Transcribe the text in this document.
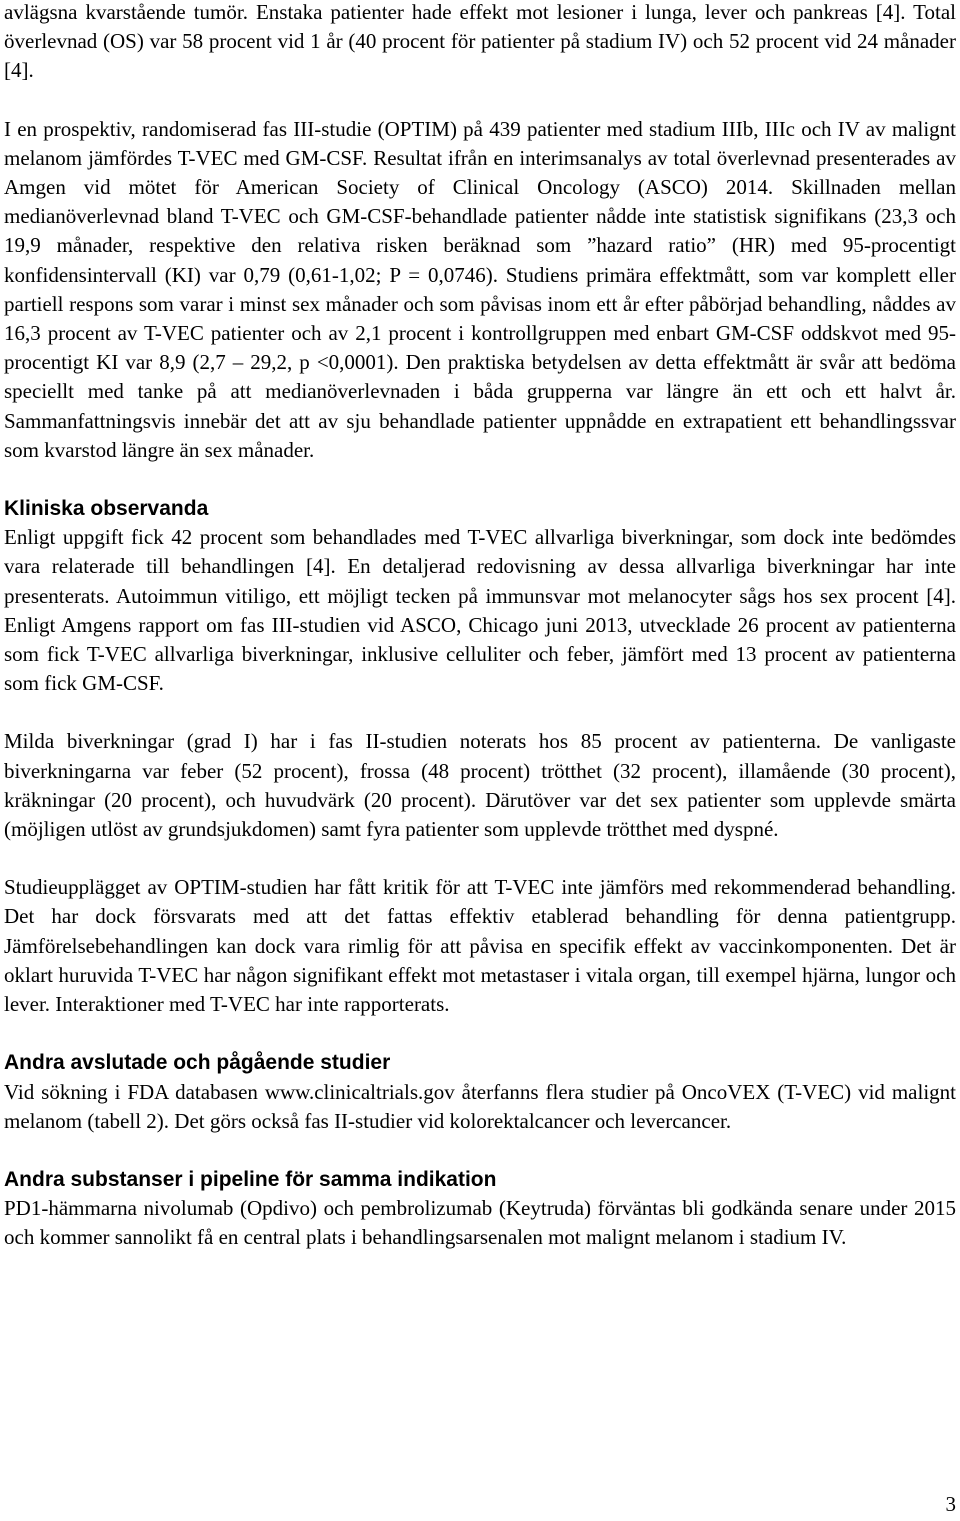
avlägsna kvarstående tumör. Enstaka patienter hade effekt mot lesioner i lunga, lever och pankreas [4]. Total överlevnad (OS) var 58 procent vid 1 år (40 procent för patienter på stadium IV) och 52 procent vid 24 månader [4].

I en prospektiv, randomiserad fas III-studie (OPTIM) på 439 patienter med stadium IIIb, IIIc och IV av malignt melanom jämfördes T-VEC med GM-CSF. Resultat ifrån en interimsanalys av total överlevnad presenterades av Amgen vid mötet för American Society of Clinical Oncology (ASCO) 2014. Skillnaden mellan medianöverlevnad bland T-VEC och GM-CSF-behandlade patienter nådde inte statistisk signifikans (23,3 och 19,9 månader, respektive den relativa risken beräknad som ”hazard ratio” (HR) med 95-procentigt konfidensintervall (KI) var 0,79 (0,61-1,02; P = 0,0746). Studiens primära effektmått, som var komplett eller partiell respons som varar i minst sex månader och som påvisas inom ett år efter påbörjad behandling, nåddes av 16,3 procent av T-VEC patienter och av 2,1 procent i kontrollgruppen med enbart GM-CSF oddskvot med 95- procentigt KI var 8,9 (2,7 – 29,2, p <0,0001). Den praktiska betydelsen av detta effektmått är svår att bedöma speciellt med tanke på att medianöverlevnaden i båda grupperna var längre än ett och ett halvt år. Sammanfattningsvis innebär det att av sju behandlade patienter uppnådde en extrapatient ett behandlingssvar som kvarstod längre än sex månader.

Kliniska observanda

Enligt uppgift fick 42 procent som behandlades med T-VEC allvarliga biverkningar, som dock inte bedömdes vara relaterade till behandlingen [4]. En detaljerad redovisning av dessa allvarliga biverkningar har inte presenterats. Autoimmun vitiligo, ett möjligt tecken på immunsvar mot melanocyter sågs hos sex procent [4]. Enligt Amgens rapport om fas III-studien vid ASCO, Chicago juni 2013, utvecklade 26 procent av patienterna som fick T-VEC allvarliga biverkningar, inklusive celluliter och feber, jämfört med 13 procent av patienterna som fick GM-CSF.

Milda biverkningar (grad I) har i fas II-studien noterats hos 85 procent av patienterna. De vanligaste biverkningarna var feber (52 procent), frossa (48 procent) trötthet (32 procent), illamående (30 procent), kräkningar (20 procent), och huvudvärk (20 procent). Därutöver var det sex patienter som upplevde smärta (möjligen utlöst av grundsjukdomen) samt fyra patienter som upplevde trötthet med dyspné.

Studieupplägget av OPTIM-studien har fått kritik för att T-VEC inte jämförs med rekommenderad behandling. Det har dock försvarats med att det fattas effektiv etablerad behandling för denna patientgrupp. Jämförelsebehandlingen kan dock vara rimlig för att påvisa en specifik effekt av vaccinkomponenten. Det är oklart huruvida T-VEC har någon signifikant effekt mot metastaser i vitala organ, till exempel hjärna, lungor och lever. Interaktioner med T-VEC har inte rapporterats.

Andra avslutade och pågående studier

Vid sökning i FDA databasen www.clinicaltrials.gov återfanns flera studier på OncoVEX (T-VEC) vid malignt melanom (tabell 2). Det görs också fas II-studier vid kolorektalcancer och levercancer.

Andra substanser i pipeline för samma indikation

PD1-hämmarna nivolumab (Opdivo) och pembrolizumab (Keytruda) förväntas bli godkända senare under 2015 och kommer sannolikt få en central plats i behandlingsarsenalen mot malignt melanom i stadium IV.

3
